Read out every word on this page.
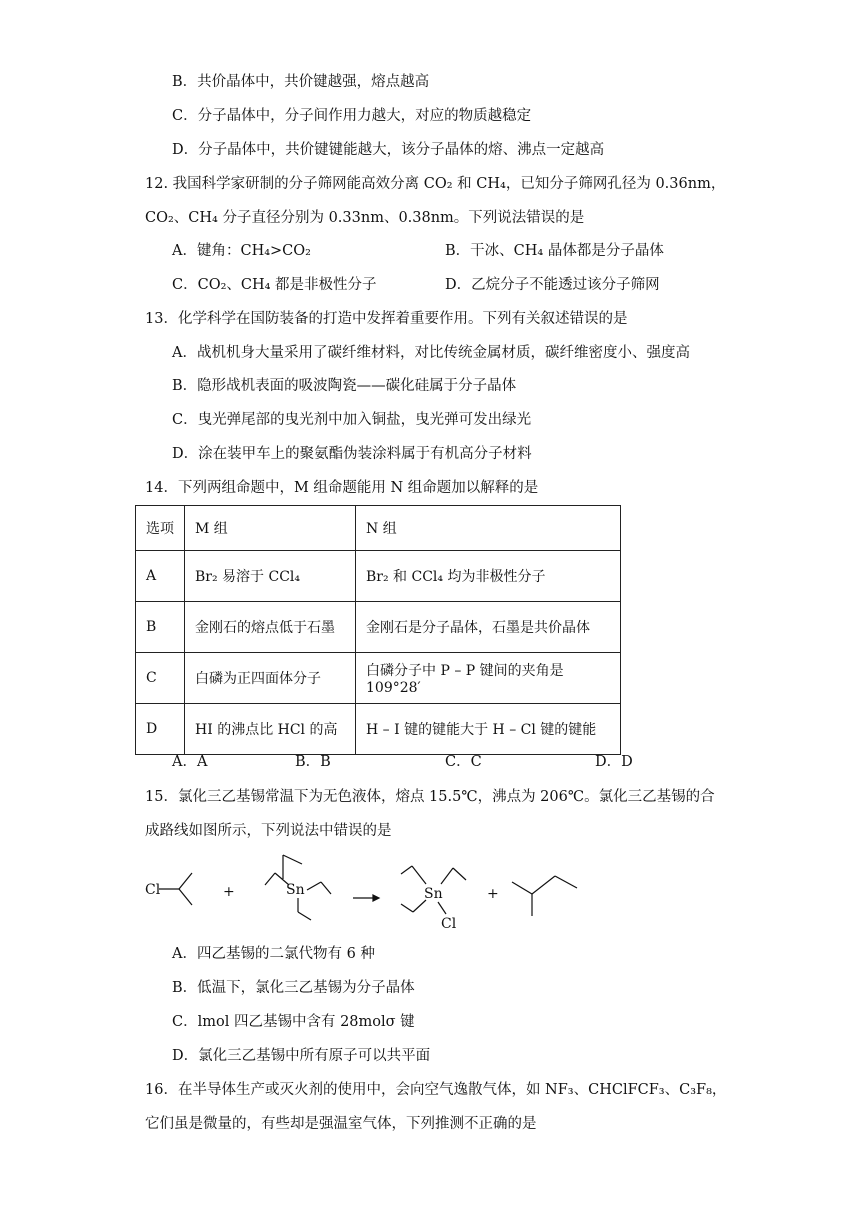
B．共价晶体中，共价键越强，熔点越高
C．分子晶体中，分子间作用力越大，对应的物质越稳定
D．分子晶体中，共价键键能越大，该分子晶体的熔、沸点一定越高
12. 我国科学家研制的分子筛网能高效分离 CO₂ 和 CH₄，已知分子筛网孔径为 0.36nm，
CO₂、CH₄ 分子直径分别为 0.33nm、0.38nm。下列说法错误的是
A．键角：CH₄>CO₂	B．干冰、CH₄ 晶体都是分子晶体
C．CO₂、CH₄ 都是非极性分子	D．乙烷分子不能透过该分子筛网
13．化学科学在国防装备的打造中发挥着重要作用。下列有关叙述错误的是
A．战机机身大量采用了碳纤维材料，对比传统金属材质，碳纤维密度小、强度高
B．隐形战机表面的吸波陶瓷——碳化硅属于分子晶体
C．曳光弹尾部的曳光剂中加入铜盐，曳光弹可发出绿光
D．涂在装甲车上的聚氨酯伪装涂料属于有机高分子材料
14．下列两组命题中，M 组命题能用 N 组命题加以解释的是
选项	M 组	N 组
A	Br₂ 易溶于 CCl₄	Br₂ 和 CCl₄ 均为非极性分子
B	金刚石的熔点低于石墨	金刚石是分子晶体，石墨是共价晶体
C	白磷为正四面体分子	白磷分子中 P – P 键间的夹角是109°28′
D	HI 的沸点比 HCl 的高	H – I 键的键能大于 H – Cl 键的键能
A．A	B．B	C．C	D．D
15．氯化三乙基锡常温下为无色液体，熔点 15.5℃，沸点为 206℃。氯化三乙基锡的合
成路线如图所示，下列说法中错误的是
Cl	+	Sn	Sn
Cl
+
A．四乙基锡的二氯代物有 6 种
B．低温下，氯化三乙基锡为分子晶体
C．lmol 四乙基锡中含有 28molσ 键
D．氯化三乙基锡中所有原子可以共平面
16．在半导体生产或灭火剂的使用中，会向空气逸散气体，如 NF₃、CHClFCF₃、C₃F₈，
它们虽是微量的，有些却是强温室气体，下列推测不正确的是
